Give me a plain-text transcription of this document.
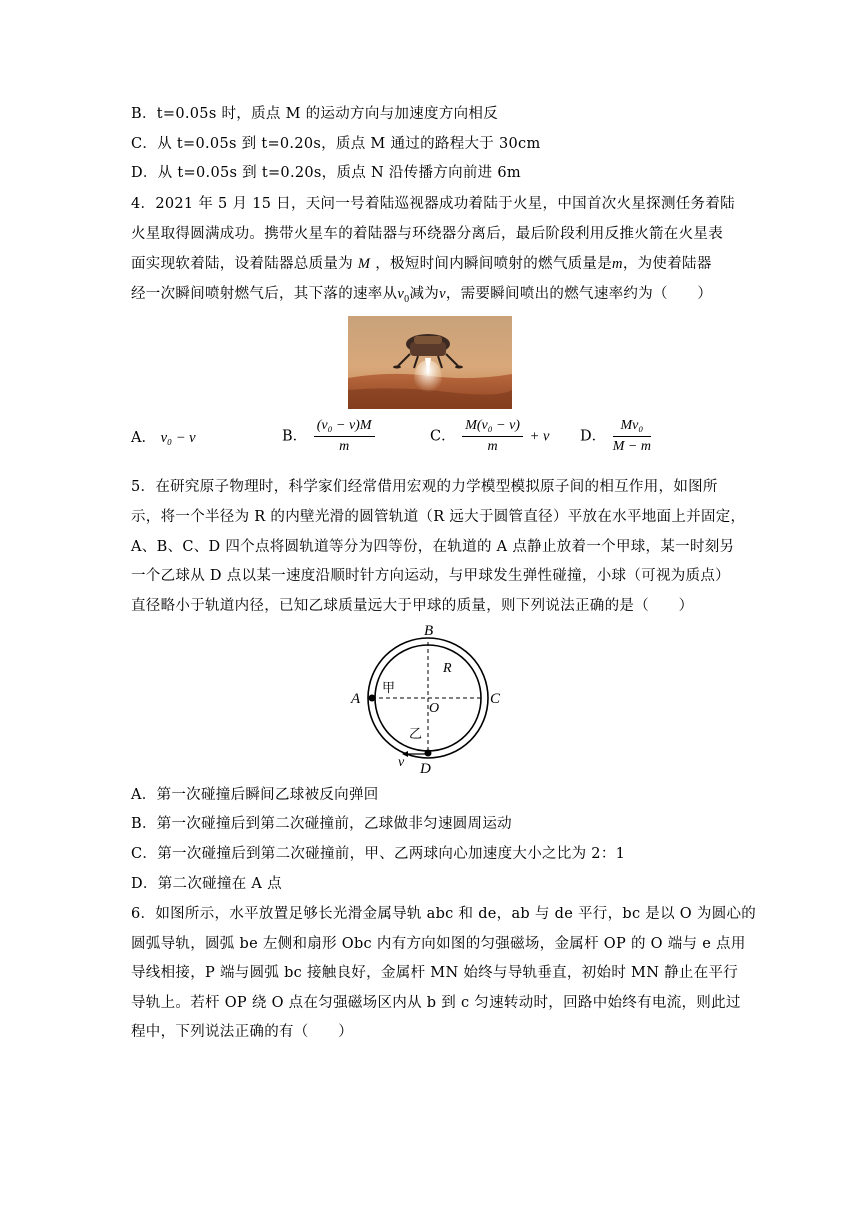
B．t=0.05s 时，质点 M 的运动方向与加速度方向相反
C．从 t=0.05s 到 t=0.20s，质点 M 通过的路程大于 30cm
D．从 t=0.05s 到 t=0.20s，质点 N 沿传播方向前进 6m
4．2021 年 5 月 15 日，天问一号着陆巡视器成功着陆于火星，中国首次火星探测任务着陆
火星取得圆满成功。携带火星车的着陆器与环绕器分离后，最后阶段利用反推火箭在火星表
面实现软着陆，设着陆器总质量为 M ，极短时间内瞬间喷射的燃气质量是m，为使着陆器
经一次瞬间喷射燃气后，其下落的速率从$v_0$减为v，需要瞬间喷出的燃气速率约为（　　）
A． v₀ − v	B． $\frac{\text{(v₀ − v)M}}{m}$	C． $\frac{\text{M(v₀ − v)}}{m} + v$ D． $\frac{\text{Mv₀}}{M - m}$
5．在研究原子物理时，科学家们经常借用宏观的力学模型模拟原子间的相互作用，如图所
示，将一个半径为 R 的内壁光滑的圆管轨道（R 远大于圆管直径）平放在水平地面上并固定，
A、B、C、D 四个点将圆轨道等分为四等份，在轨道的 A 点静止放着一个甲球，某一时刻另
一个乙球从 D 点以某一速度沿顺时针方向运动，与甲球发生弹性碰撞，小球（可视为质点）
直径略小于轨道内径，已知乙球质量远大于甲球的质量，则下列说法正确的是（　　）
B
A	C
D
O
R
甲
乙
v
A．第一次碰撞后瞬间乙球被反向弹回
B．第一次碰撞后到第二次碰撞前，乙球做非匀速圆周运动
C．第一次碰撞后到第二次碰撞前，甲、乙两球向心加速度大小之比为 2：1
D．第二次碰撞在 A 点
6．如图所示，水平放置足够长光滑金属导轨 abc 和 de，ab 与 de 平行，bc 是以 O 为圆心的
圆弧导轨，圆弧 be 左侧和扇形 Obc 内有方向如图的匀强磁场，金属杆 OP 的 O 端与 e 点用
导线相接，P 端与圆弧 bc 接触良好，金属杆 MN 始终与导轨垂直，初始时 MN 静止在平行
导轨上。若杆 OP 绕 O 点在匀强磁场区内从 b 到 c 匀速转动时，回路中始终有电流，则此过
程中，下列说法正确的有（　　）
